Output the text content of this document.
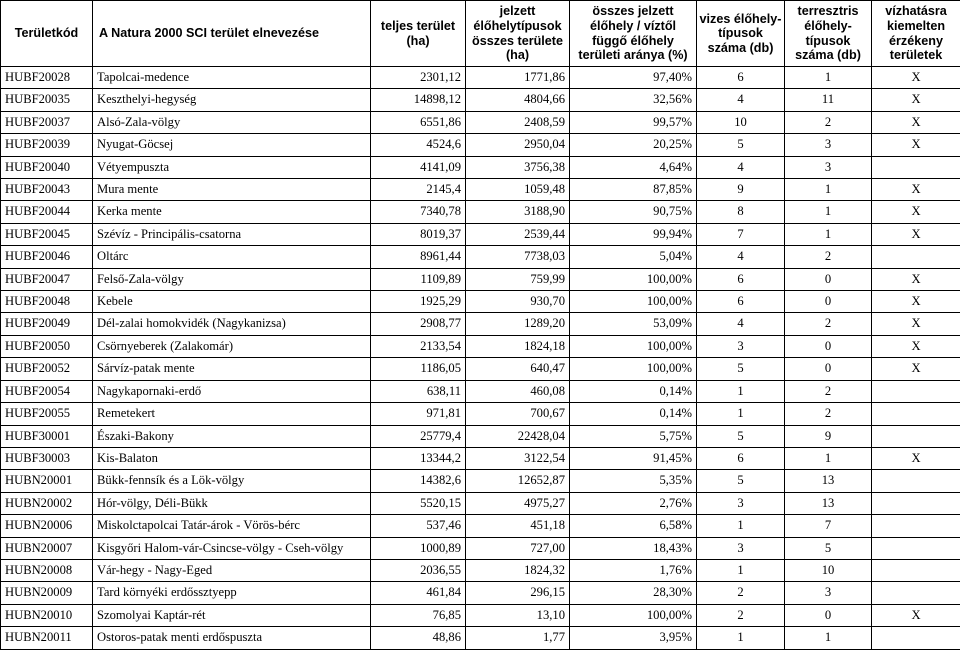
Területkód	A Natura 2000 SCI terület elnevezése	teljes terület (ha)	jelzett élőhelytípusok összes területe (ha)	összes jelzett élőhely / víztől függő élőhely területi aránya (%)	vizes élőhely-típusok száma (db)	terresztris élőhely-típusok száma (db)	vízhatásra kiemelten érzékeny területek
HUBF20028	Tapolcai-medence	2301,12	1771,86	97,40%	6	1	X
HUBF20035	Keszthelyi-hegység	14898,12	4804,66	32,56%	4	11	X
HUBF20037	Alsó-Zala-völgy	6551,86	2408,59	99,57%	10	2	X
HUBF20039	Nyugat-Göcsej	4524,6	2950,04	20,25%	5	3	X
HUBF20040	Vétyempuszta	4141,09	3756,38	4,64%	4	3	
HUBF20043	Mura mente	2145,4	1059,48	87,85%	9	1	X
HUBF20044	Kerka mente	7340,78	3188,90	90,75%	8	1	X
HUBF20045	Szévíz - Principális-csatorna	8019,37	2539,44	99,94%	7	1	X
HUBF20046	Oltárc	8961,44	7738,03	5,04%	4	2	
HUBF20047	Felső-Zala-völgy	1109,89	759,99	100,00%	6	0	X
HUBF20048	Kebele	1925,29	930,70	100,00%	6	0	X
HUBF20049	Dél-zalai homokvidék (Nagykanizsa)	2908,77	1289,20	53,09%	4	2	X
HUBF20050	Csörnyeberek (Zalakomár)	2133,54	1824,18	100,00%	3	0	X
HUBF20052	Sárvíz-patak mente	1186,05	640,47	100,00%	5	0	X
HUBF20054	Nagykapornaki-erdő	638,11	460,08	0,14%	1	2	
HUBF20055	Remetekert	971,81	700,67	0,14%	1	2	
HUBF30001	Északi-Bakony	25779,4	22428,04	5,75%	5	9	
HUBF30003	Kis-Balaton	13344,2	3122,54	91,45%	6	1	X
HUBN20001	Bükk-fennsík és a Lök-völgy	14382,6	12652,87	5,35%	5	13	
HUBN20002	Hór-völgy, Déli-Bükk	5520,15	4975,27	2,76%	3	13	
HUBN20006	Miskolctapolcai Tatár-árok - Vörös-bérc	537,46	451,18	6,58%	1	7	
HUBN20007	Kisgyőri Halom-vár-Csincse-völgy - Cseh-völgy	1000,89	727,00	18,43%	3	5	
HUBN20008	Vár-hegy - Nagy-Eged	2036,55	1824,32	1,76%	1	10	
HUBN20009	Tard környéki erdőssztyepp	461,84	296,15	28,30%	2	3	
HUBN20010	Szomolyai Kaptár-rét	76,85	13,10	100,00%	2	0	X
HUBN20011	Ostoros-patak menti erdőspuszta	48,86	1,77	3,95%	1	1	
